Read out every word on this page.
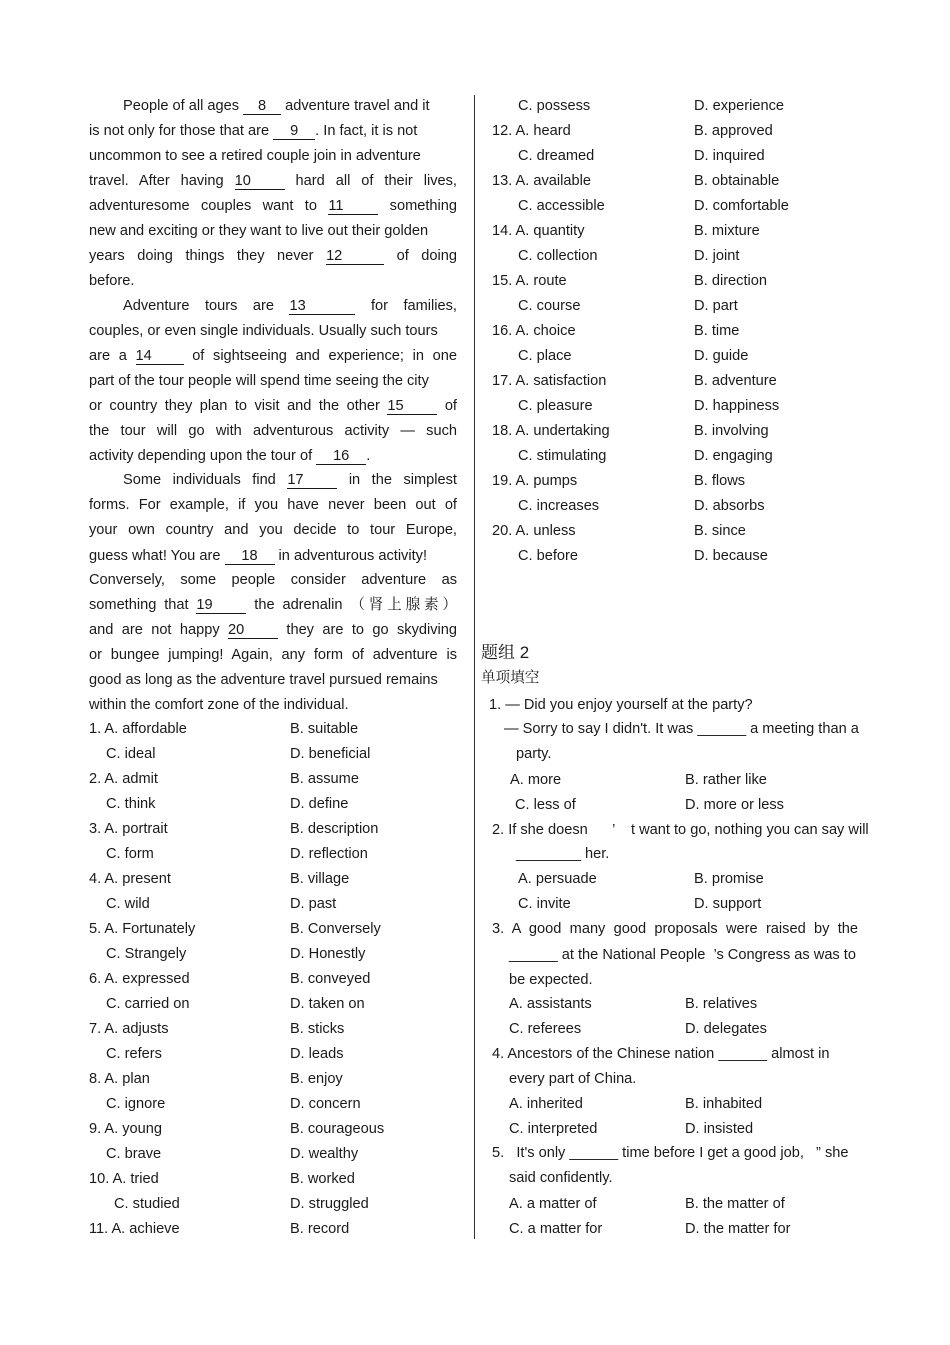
People of all ages 8 adventure travel and it
is not only for those that are 9 . In fact, it is not
uncommon to see a retired couple join in adventure
travel. After having 10 hard all of their lives,
adventuresome couples want to 11 something
new and exciting or they want to live out their golden
years doing things they never 12	of doing
before.
Adventure tours are 13	for families,
couples, or even single individuals. Usually such tours
are a 14 of sightseeing and experience; in one
part of the tour people will spend time seeing the city
or country they plan to visit and the other 15 of
the tour will go with adventurous activity — such
activity depending upon the tour of 16 .
Some individuals find 17 in the simplest
forms. For example, if you have never been out of
your own country and you decide to tour Europe,
guess what! You are 18 in adventurous activity!
Conversely, some people consider adventure as
something that 19 the adrenalin （肾上腺素）
and are not happy 20 they are to go skydiving
or bungee jumping! Again, any form of adventure is
good as long as the adventure travel pursued remains
within the comfort zone of the individual.
1. A. affordable	B. suitable
C. ideal	D. beneficial
2. A. admit	B. assume
C. think	D. define
3. A. portrait	B. description
C. form	D. reflection
4. A. present	B. village
C. wild	D. past
5. A. Fortunately	B. Conversely
C. Strangely	D. Honestly
6. A. expressed	B. conveyed
C. carried on	D. taken on
7. A. adjusts	B. sticks
C. refers	D. leads
8. A. plan	B. enjoy
C. ignore	D. concern
9. A. young	B. courageous
C. brave	D. wealthy
10. A. tried	B. worked
C. studied	D. struggled
11. A. achieve	B. record
C. possess	D. experience
12. A. heard	B. approved
C. dreamed	D. inquired
13. A. available	B. obtainable
C. accessible	D. comfortable
14. A. quantity	B. mixture
C. collection	D. joint
15. A. route	B. direction
C. course	D. part
16. A. choice	B. time
C. place	D. guide
17. A. satisfaction	B. adventure
C. pleasure	D. happiness
18. A. undertaking	B. involving
C. stimulating	D. engaging
19. A. pumps	B. flows
C. increases	D. absorbs
20. A. unless	B. since
C. before	D. because
题组 2
单项填空
1. — Did you enjoy yourself at the party?
— Sorry to say I didn't. It was ______ a meeting than a
party.
A. more	B. rather like
C. less of	D. more or less
2. If she doesn      ’    t want to go, nothing you can say will
________ her.
A. persuade	B. promise
C. invite	D. support
3. A good many good proposals were raised by the
______ at the National People  ’s Congress as was to
be expected.
A. assistants	B. relatives
C. referees	D. delegates
4. Ancestors of the Chinese nation ______ almost in
every part of China.
A. inherited	B. inhabited
C. interpreted	D. insisted
5.   It's only ______ time before I get a good job,   ” she
said confidently.
A. a matter of	B. the matter of
C. a matter for	D. the matter for
